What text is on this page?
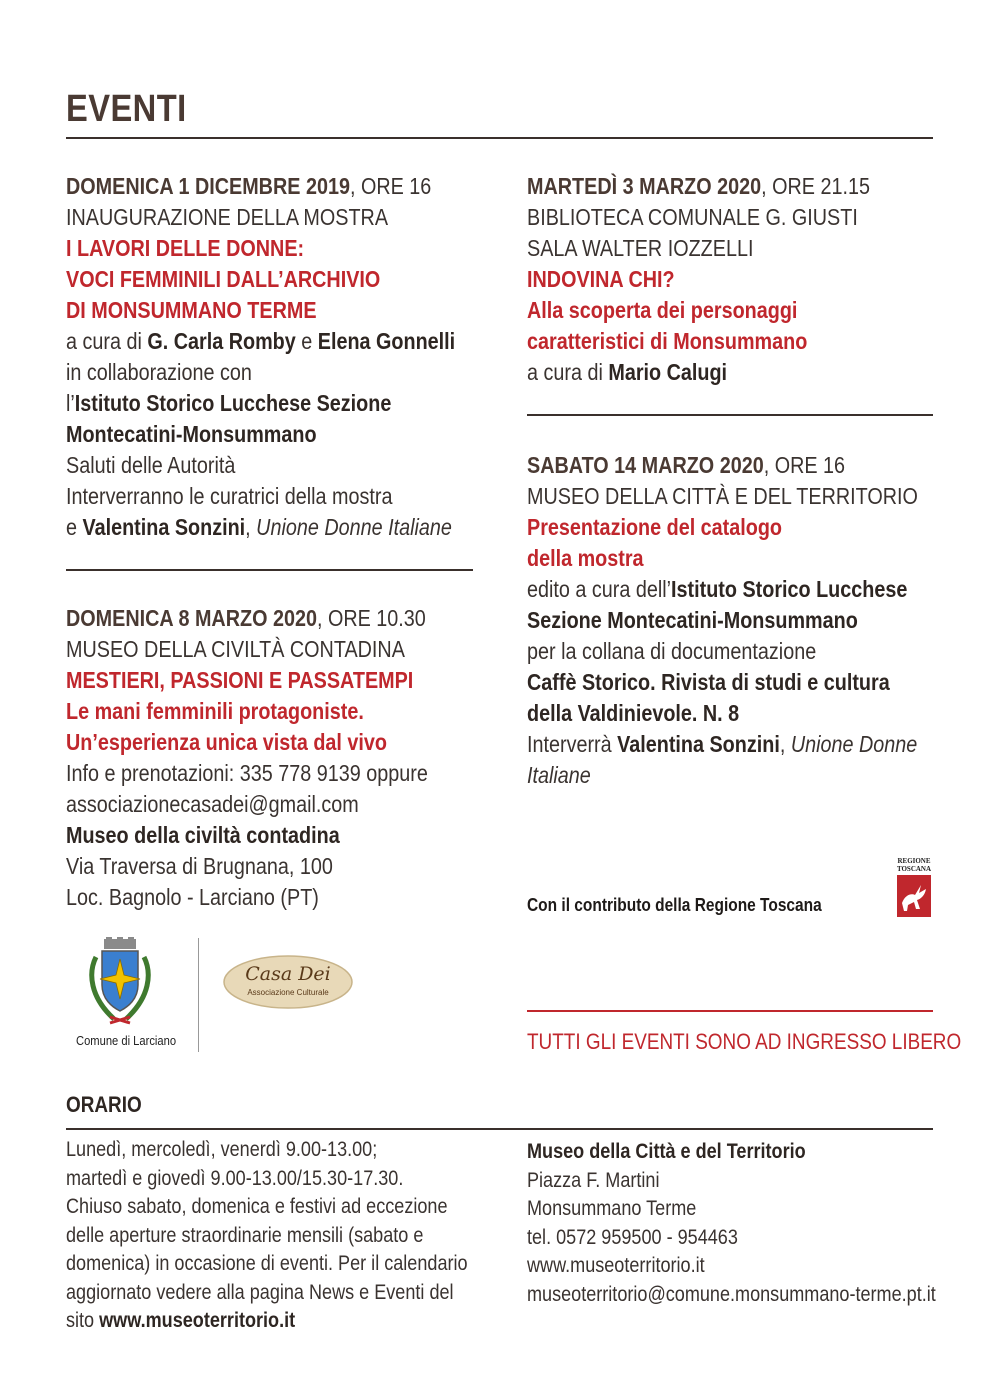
EVENTI
DOMENICA 1 DICEMBRE 2019, ORE 16
INAUGURAZIONE DELLA MOSTRA
I LAVORI DELLE DONNE:
VOCI FEMMINILI DALL’ARCHIVIO
DI MONSUMMANO TERME
a cura di G. Carla Romby e Elena Gonnelli
in collaborazione con
l’Istituto Storico Lucchese Sezione
Montecatini-Monsummano
Saluti delle Autorità
Interverranno le curatrici della mostra
e Valentina Sonzini, Unione Donne Italiane
DOMENICA 8 MARZO 2020, ORE 10.30
MUSEO DELLA CIVILTÀ CONTADINA
MESTIERI, PASSIONI E PASSATEMPI
Le mani femminili protagoniste.
Un’esperienza unica vista dal vivo
Info e prenotazioni: 335 778 9139 oppure
associazionecasadei@gmail.com
Museo della civiltà contadina
Via Traversa di Brugnana, 100
Loc. Bagnolo - Larciano (PT)
MARTEDÌ 3 MARZO 2020, ORE 21.15
BIBLIOTECA COMUNALE G. GIUSTI
SALA WALTER IOZZELLI
INDOVINA CHI?
Alla scoperta dei personaggi
caratteristici di Monsummano
a cura di Mario Calugi
SABATO 14 MARZO 2020, ORE 16
MUSEO DELLA CITTÀ E DEL TERRITORIO
Presentazione del catalogo
della mostra
edito a cura dell’Istituto Storico Lucchese
Sezione Montecatini-Monsummano
per la collana di documentazione
Caffè Storico. Rivista di studi e cultura
della Valdinievole. N. 8
Interverrà Valentina Sonzini, Unione Donne
Italiane
Con il contributo della Regione Toscana
REGIONE
TOSCANA
TUTTI GLI EVENTI SONO AD INGRESSO LIBERO
Comune di Larciano
Casa Dei
Associazione Culturale
ORARIO
Lunedì, mercoledì, venerdì 9.00-13.00;
martedì e giovedì 9.00-13.00/15.30-17.30.
Chiuso sabato, domenica e festivi ad eccezione
delle aperture straordinarie mensili (sabato e
domenica) in occasione di eventi. Per il calendario
aggiornato vedere alla pagina News e Eventi del
sito www.museoterritorio.it
Museo della Città e del Territorio
Piazza F. Martini
Monsummano Terme
tel. 0572 959500 - 954463
www.museoterritorio.it
museoterritorio@comune.monsummano-terme.pt.it
